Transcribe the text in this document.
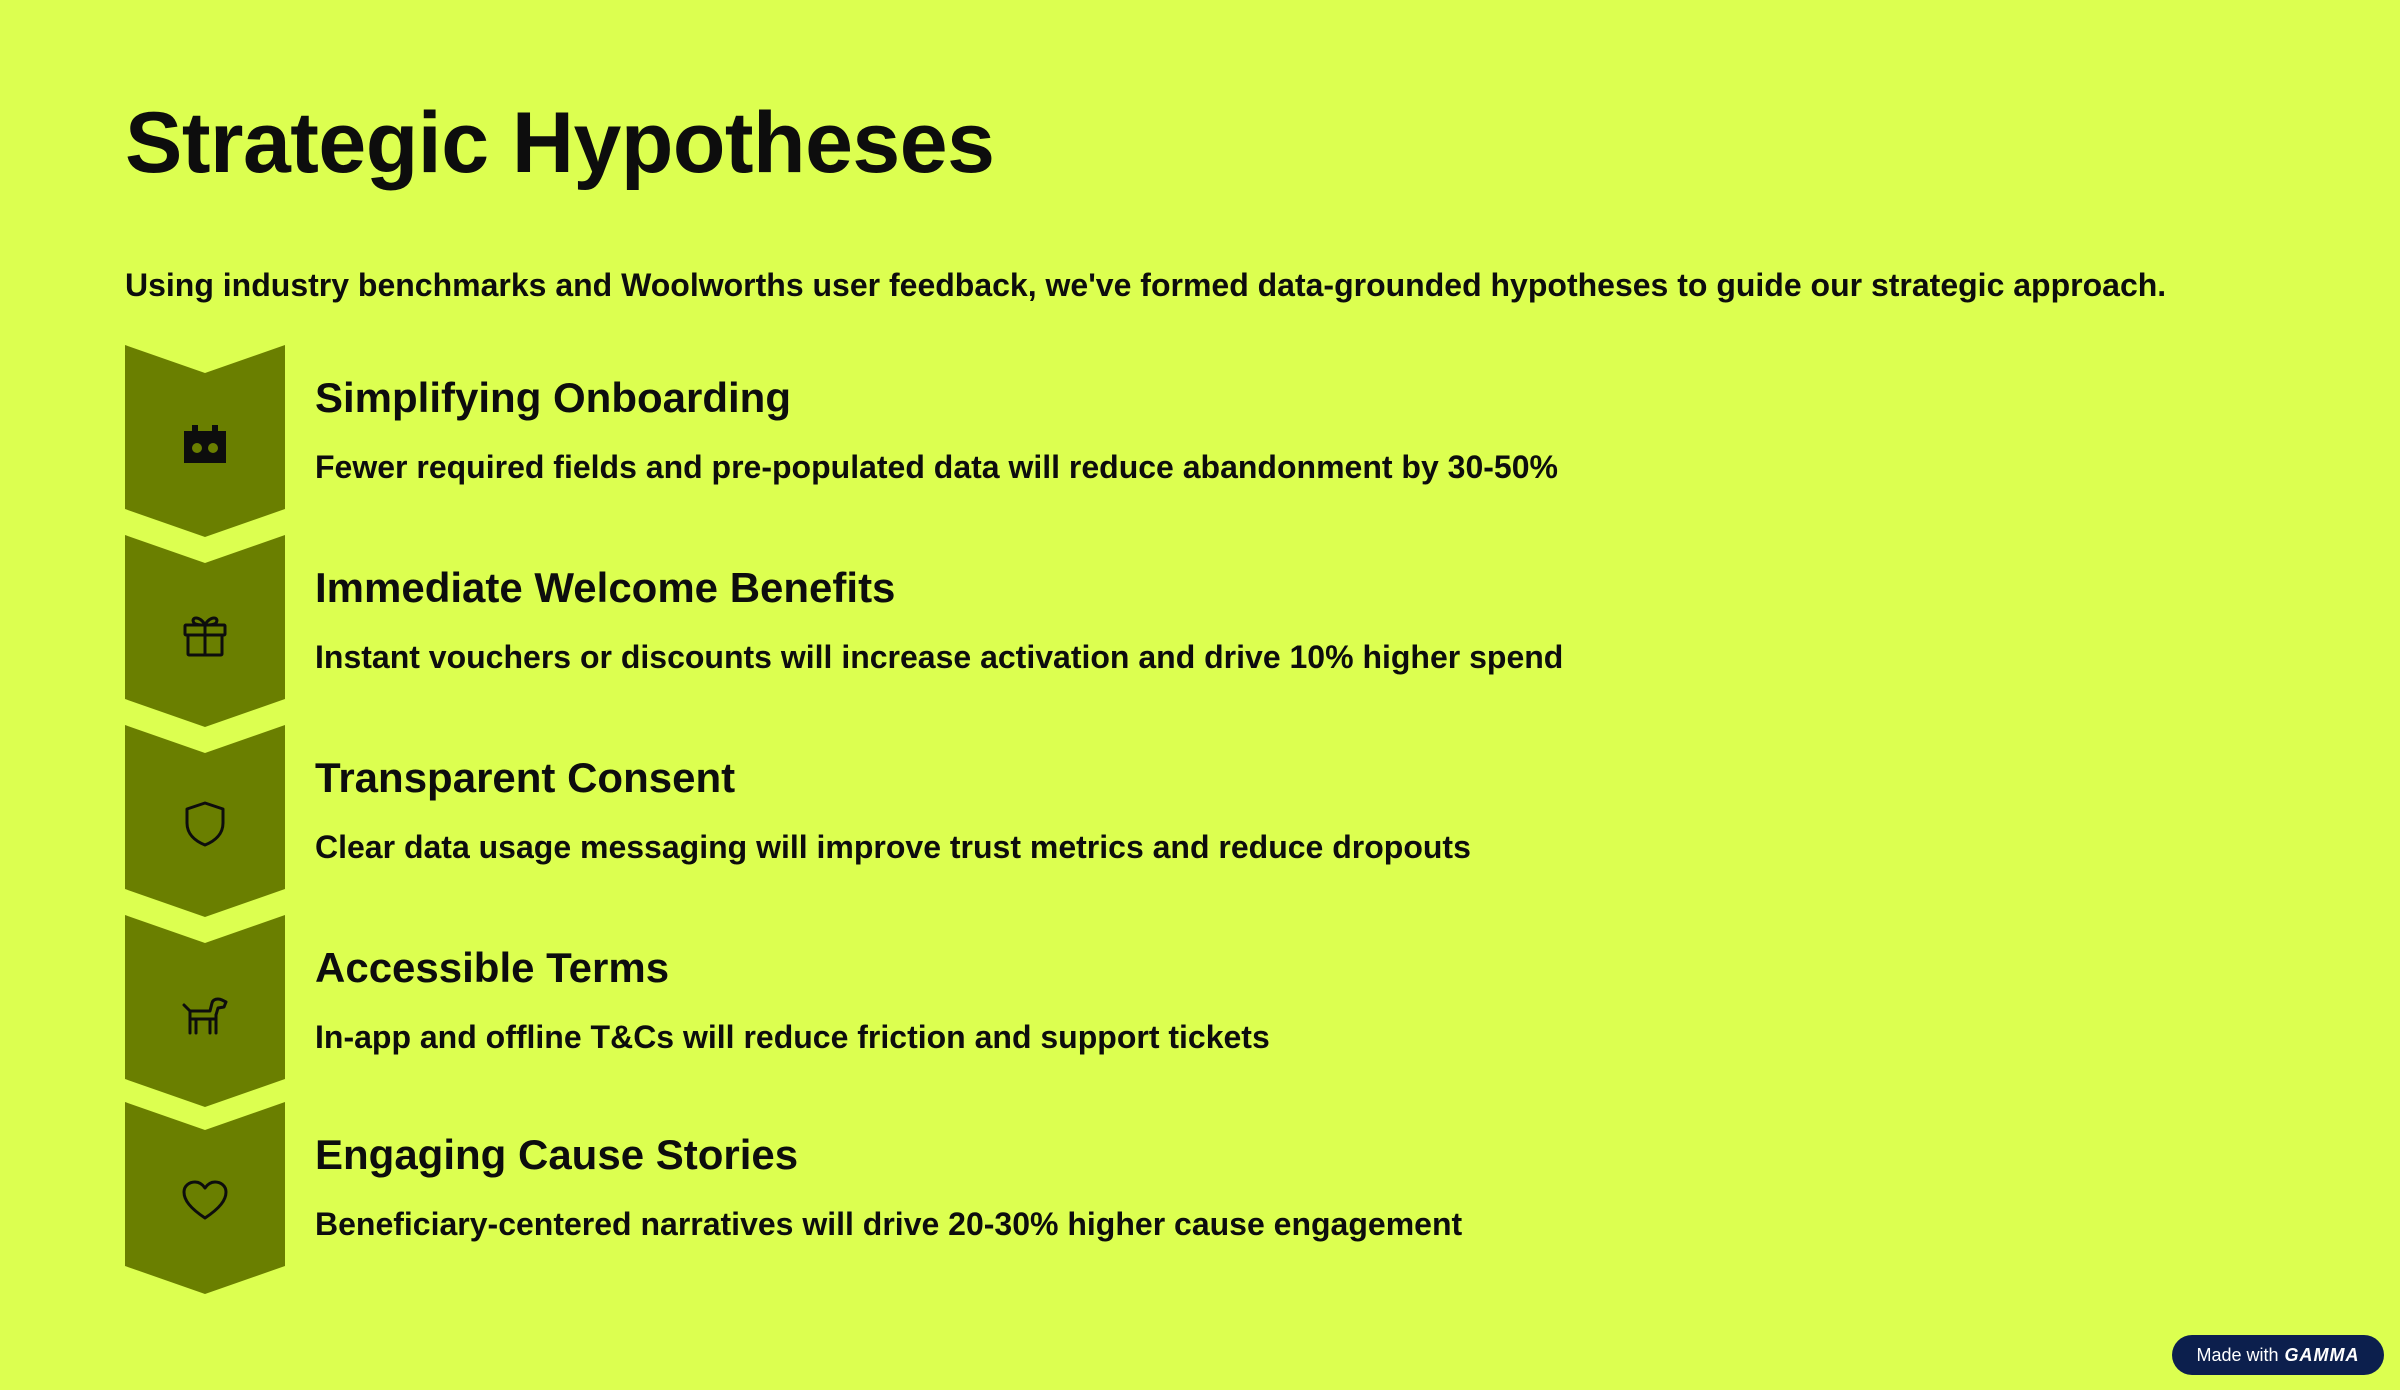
Strategic Hypotheses

Using industry benchmarks and Woolworths user feedback, we've formed data-grounded hypotheses to guide our strategic approach.

Simplifying Onboarding

Fewer required fields and pre-populated data will reduce abandonment by 30-50%

Immediate Welcome Benefits

Instant vouchers or discounts will increase activation and drive 10% higher spend

Transparent Consent

Clear data usage messaging will improve trust metrics and reduce dropouts

Accessible Terms

In-app and offline T&Cs will reduce friction and support tickets

Engaging Cause Stories

Beneficiary-centered narratives will drive 20-30% higher cause engagement

Made with GAMMA
